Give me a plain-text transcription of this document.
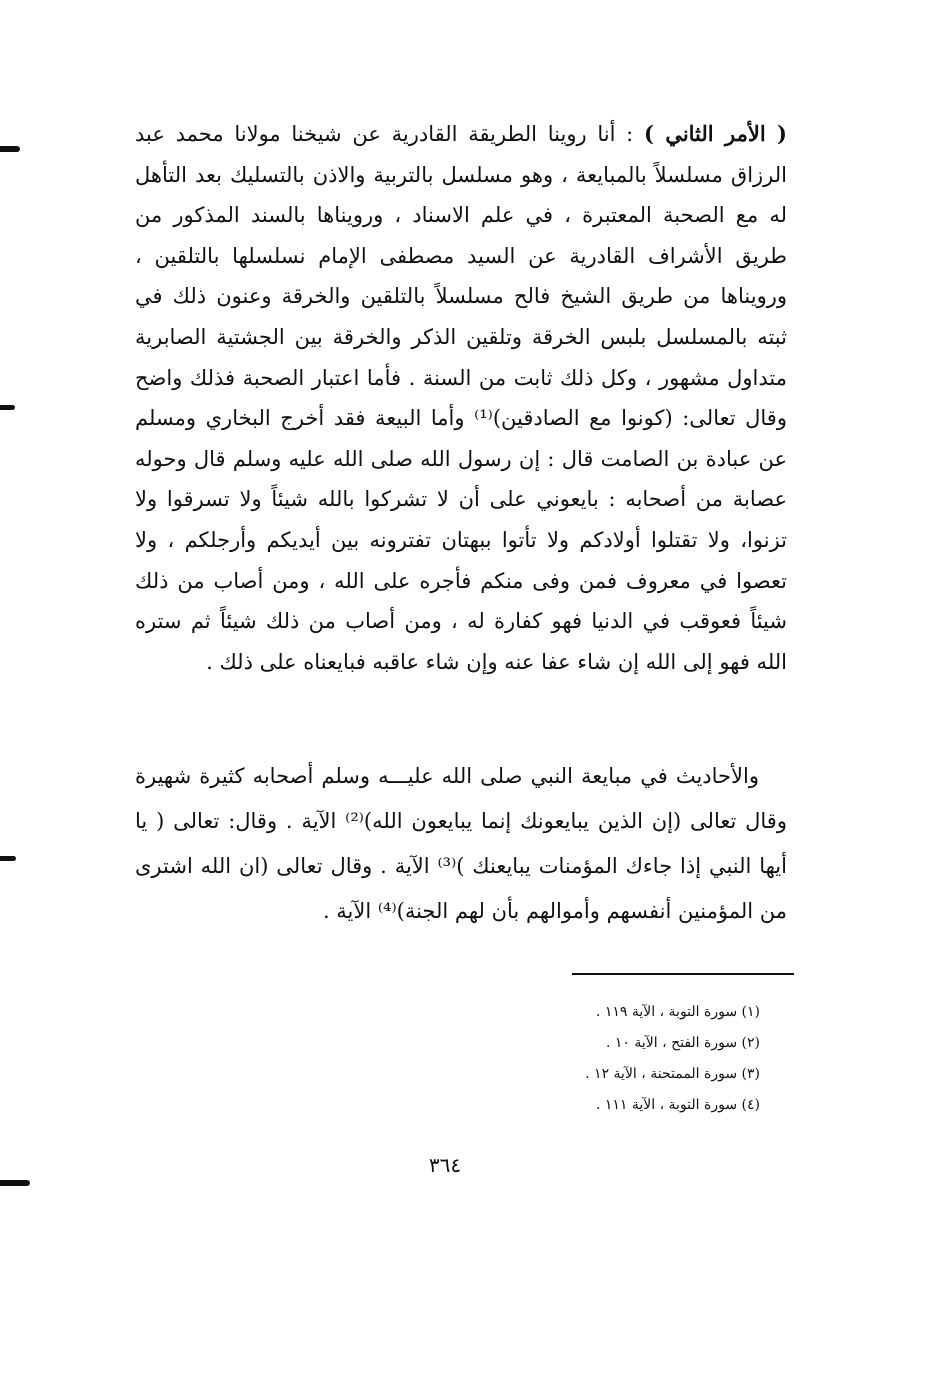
( الأمر الثاني ) : أنا روينا الطريقة القادرية عن شيخنا مولانا محمد عبد الرزاق مسلسلاً بالمبايعة ، وهو مسلسل بالتربية والاذن بالتسليك بعد التأهل له مع الصحبة المعتبرة ، في علم الاسناد ، ورويناها بالسند المذكور من طريق الأشراف القادرية عن السيد مصطفى الإمام نسلسلها بالتلقين ، ورويناها من طريق الشيخ فالح مسلسلاً بالتلقين والخرقة وعنون ذلك في ثبته بالمسلسل بلبس الخرقة وتلقين الذكر والخرقة بين الجشتية الصابرية متداول مشهور ، وكل ذلك ثابت من السنة . فأما اعتبار الصحبة فذلك واضح وقال تعالى: (كونوا مع الصادقين)⁽¹⁾ وأما البيعة فقد أخرج البخاري ومسلم عن عبادة بن الصامت قال : إن رسول الله صلى الله عليه وسلم قال وحوله عصابة من أصحابه : بايعوني على أن لا تشركوا بالله شيئاً ولا تسرقوا ولا تزنوا، ولا تقتلوا أولادكم ولا تأتوا ببهتان تفترونه بين أيديكم وأرجلكم ، ولا تعصوا في معروف فمن وفى منكم فأجره على الله ، ومن أصاب من ذلك شيئاً فعوقب في الدنيا فهو كفارة له ، ومن أصاب من ذلك شيئاً ثم ستره الله فهو إلى الله إن شاء عفا عنه وإن شاء عاقبه فبايعناه على ذلك .

والأحاديث في مبايعة النبي صلى الله عليـــه وسلم أصحابه كثيرة شهيرة وقال تعالى (إن الذين يبايعونك إنما يبايعون الله)⁽²⁾ الآية . وقال: تعالى ( يا أيها النبي إذا جاءك المؤمنات يبايعنك )⁽³⁾ الآية . وقال تعالى (ان الله اشترى من المؤمنين أنفسهم وأموالهم بأن لهم الجنة)⁽⁴⁾ الآية .

(١) سورة التوبة ، الآية ١١٩ .
(٢) سورة الفتح ، الآية ١٠ .
(٣) سورة الممتحنة ، الآية ١٢ .
(٤) سورة التوبة ، الآية ١١١ .
٣٦٤
